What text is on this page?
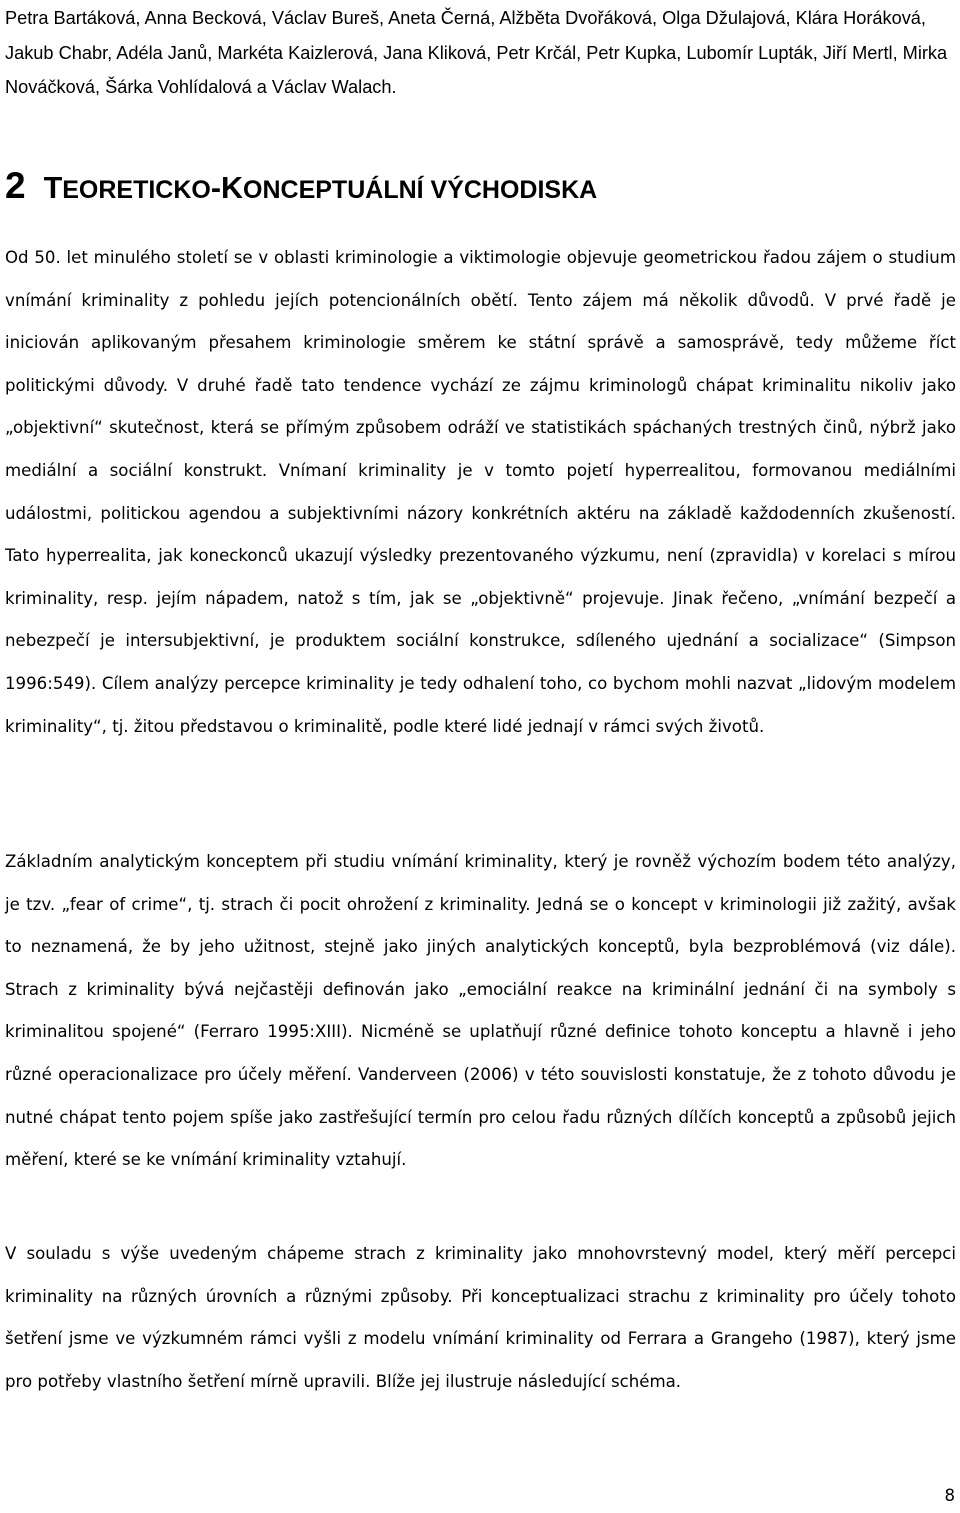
Petra Bartáková, Anna Becková, Václav Bureš, Aneta Černá, Alžběta Dvořáková, Olga Džulajová, Klára Horáková, Jakub Chabr, Adéla Janů, Markéta Kaizlerová, Jana Kliková, Petr Krčál, Petr Kupka, Lubomír Lupták, Jiří Mertl, Mirka Nováčková, Šárka Vohlídalová a Václav Walach.

2 TEORETICKO-KONCEPTUÁLNÍ VÝCHODISKA

Od 50. let minulého století se v oblasti kriminologie a viktimologie objevuje geometrickou řadou zájem o studium vnímání kriminality z pohledu jejích potencionálních obětí. Tento zájem má několik důvodů. V prvé řadě je iniciován aplikovaným přesahem kriminologie směrem ke státní správě a samosprávě, tedy můžeme říct politickými důvody. V druhé řadě tato tendence vychází ze zájmu kriminologů chápat kriminalitu nikoliv jako „objektivní“ skutečnost, která se přímým způsobem odráží ve statistikách spáchaných trestných činů, nýbrž jako mediální a sociální konstrukt. Vnímaní kriminality je v tomto pojetí hyperrealitou, formovanou mediálními událostmi, politickou agendou a subjektivními názory konkrétních aktéru na základě každodenních zkušeností. Tato hyperrealita, jak koneckonců ukazují výsledky prezentovaného výzkumu, není (zpravidla) v korelaci s mírou kriminality, resp. jejím nápadem, natož s tím, jak se „objektivně“ projevuje. Jinak řečeno, „vnímání bezpečí a nebezpečí je intersubjektivní, je produktem sociální konstrukce, sdíleného ujednání a socializace“ (Simpson 1996:549). Cílem analýzy percepce kriminality je tedy odhalení toho, co bychom mohli nazvat „lidovým modelem kriminality“, tj. žitou představou o kriminalitě, podle které lidé jednají v rámci svých životů.

Základním analytickým konceptem při studiu vnímání kriminality, který je rovněž výchozím bodem této analýzy, je tzv. „fear of crime“, tj. strach či pocit ohrožení z kriminality. Jedná se o koncept v kriminologii již zažitý, avšak to neznamená, že by jeho užitnost, stejně jako jiných analytických konceptů, byla bezproblémová (viz dále). Strach z kriminality bývá nejčastěji definován jako „emociální reakce na kriminální jednání či na symboly s kriminalitou spojené“ (Ferraro 1995:XIII). Nicméně se uplatňují různé definice tohoto konceptu a hlavně i jeho různé operacionalizace pro účely měření. Vanderveen (2006) v této souvislosti konstatuje, že z tohoto důvodu je nutné chápat tento pojem spíše jako zastřešující termín pro celou řadu různých dílčích konceptů a způsobů jejich měření, které se ke vnímání kriminality vztahují.

V souladu s výše uvedeným chápeme strach z kriminality jako mnohovrstevný model, který měří percepci kriminality na různých úrovních a různými způsoby. Při konceptualizaci strachu z kriminality pro účely tohoto šetření jsme ve výzkumném rámci vyšli z modelu vnímání kriminality od Ferrara a Grangeho (1987), který jsme pro potřeby vlastního šetření mírně upravili. Blíže jej ilustruje následující schéma.

8
